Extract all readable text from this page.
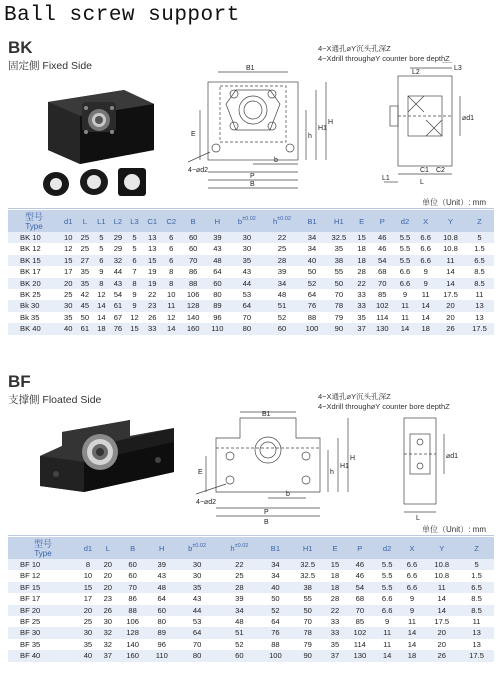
Ball screw support
BK
固定側 Fixed Side	B1
b
P
B
E	h
H1
H
4−⌀d2
4−X通孔⌀Y沉头孔深Z
4−Xdrill through⌀Y counter bore depthZ
L2
L3
⌀d1
L
L1
C1 C2
单位（Unit）: mm
型号
Type	d1	L	L1	L2	L3	C1	C2	B	H	$b^{\pm 0.02}$	$h^{\pm 0.02}$	B1	H1	E	P	d2	X	Y	Z
BK 10	10	25	5	29	5	13	6	60	39	30	22	34	32.5	15	46	5.5	6.6	10.8	5
BK 12	12	25	5	29	5	13	6	60	43	30	25	34	35	18	46	5.5	6.6	10.8	1.5
BK 15	15	27	6	32	6	15	6	70	48	35	28	40	38	18	54	5.5	6.6	11	6.5
BK 17	17	35	9	44	7	19	8	86	64	43	39	50	55	28	68	6.6	9	14	8.5
BK 20	20	35	8	43	8	19	8	88	60	44	34	52	50	22	70	6.6	9	14	8.5
BK 25	25	42	12	54	9	22	10	106	80	53	48	64	70	33	85	9	11	17.5	11
Bk 30	30	45	14	61	9	23	11	128	89	64	51	76	78	33	102	11	14	20	13
Bk 35	35	50	14	67	12	26	12	140	96	70	52	88	79	35	114	11	14	20	13
BK 40	40	61	18	76	15	33	14	160	110	80	60	100	90	37	130	14	18	26	17.5
BF
支撑側 Floated Side
B1
b
P
B
E	h
H1
H
4−⌀d2
4−X通孔⌀Y沉头孔深Z
4−Xdrill through⌀Y counter bore depthZ
L
⌀d1
单位（Unit）: mm
型号
Type	d1	L	B	H	$b^{\pm 0.02}$	$h^{\pm 0.02}$	B1	H1	E	P	d2	X	Y	Z
BF 10	8	20	60	39	30	22	34	32.5	15	46	5.5	6.6	10.8	5
BF 12	10	20	60	43	30	25	34	32.5	18	46	5.5	6.6	10.8	1.5
BF 15	15	20	70	48	35	28	40	38	18	54	5.5	6.6	11	6.5
BF 17	17	23	86	64	43	39	50	55	28	68	6.6	9	14	8.5
BF 20	20	26	88	60	44	34	52	50	22	70	6.6	9	14	8.5
BF 25	25	30	106	80	53	48	64	70	33	85	9	11	17.5	11
BF 30	30	32	128	89	64	51	76	78	33	102	11	14	20	13
BF 35	35	32	140	96	70	52	88	79	35	114	11	14	20	13
BF 40	40	37	160	110	80	60	100	90	37	130	14	18	26	17.5
